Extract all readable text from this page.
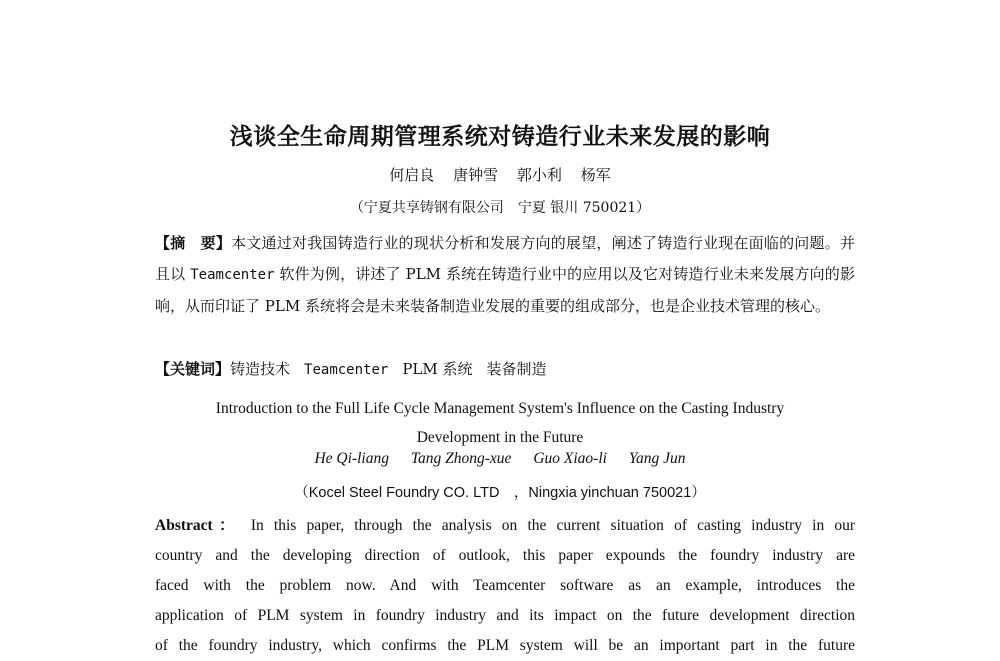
浅谈全生命周期管理系统对铸造行业未来发展的影响
何启良 唐钟雪 郭小利 杨军
（宁夏共享铸钢有限公司　宁夏 银川 750021）
【摘　要】本文通过对我国铸造行业的现状分析和发展方向的展望，阐述了铸造行业现在面临的问题。并且以 Teamcenter 软件为例，讲述了 PLM 系统在铸造行业中的应用以及它对铸造行业未来发展方向的影响，从而印证了 PLM 系统将会是未来装备制造业发展的重要的组成部分，也是企业技术管理的核心。
【关键词】铸造技术 Teamcenter PLM 系统 装备制造
Introduction to the Full Life Cycle Management System's Influence on the Casting Industry
Development in the Future
He Qi-liang Tang Zhong-xue Guo Xiao-li Yang Jun
（Kocel Steel Foundry CO. LTD　，Ningxia yinchuan 750021）
Abstract： In this paper, through the analysis on the current situation of casting industry in our
country and the developing direction of outlook, this paper expounds the foundry industry are
faced with the problem now. And with Teamcenter software as an example, introduces the
application of PLM system in foundry industry and its impact on the future development direction
of the foundry industry, which confirms the PLM system will be an important part in the future
